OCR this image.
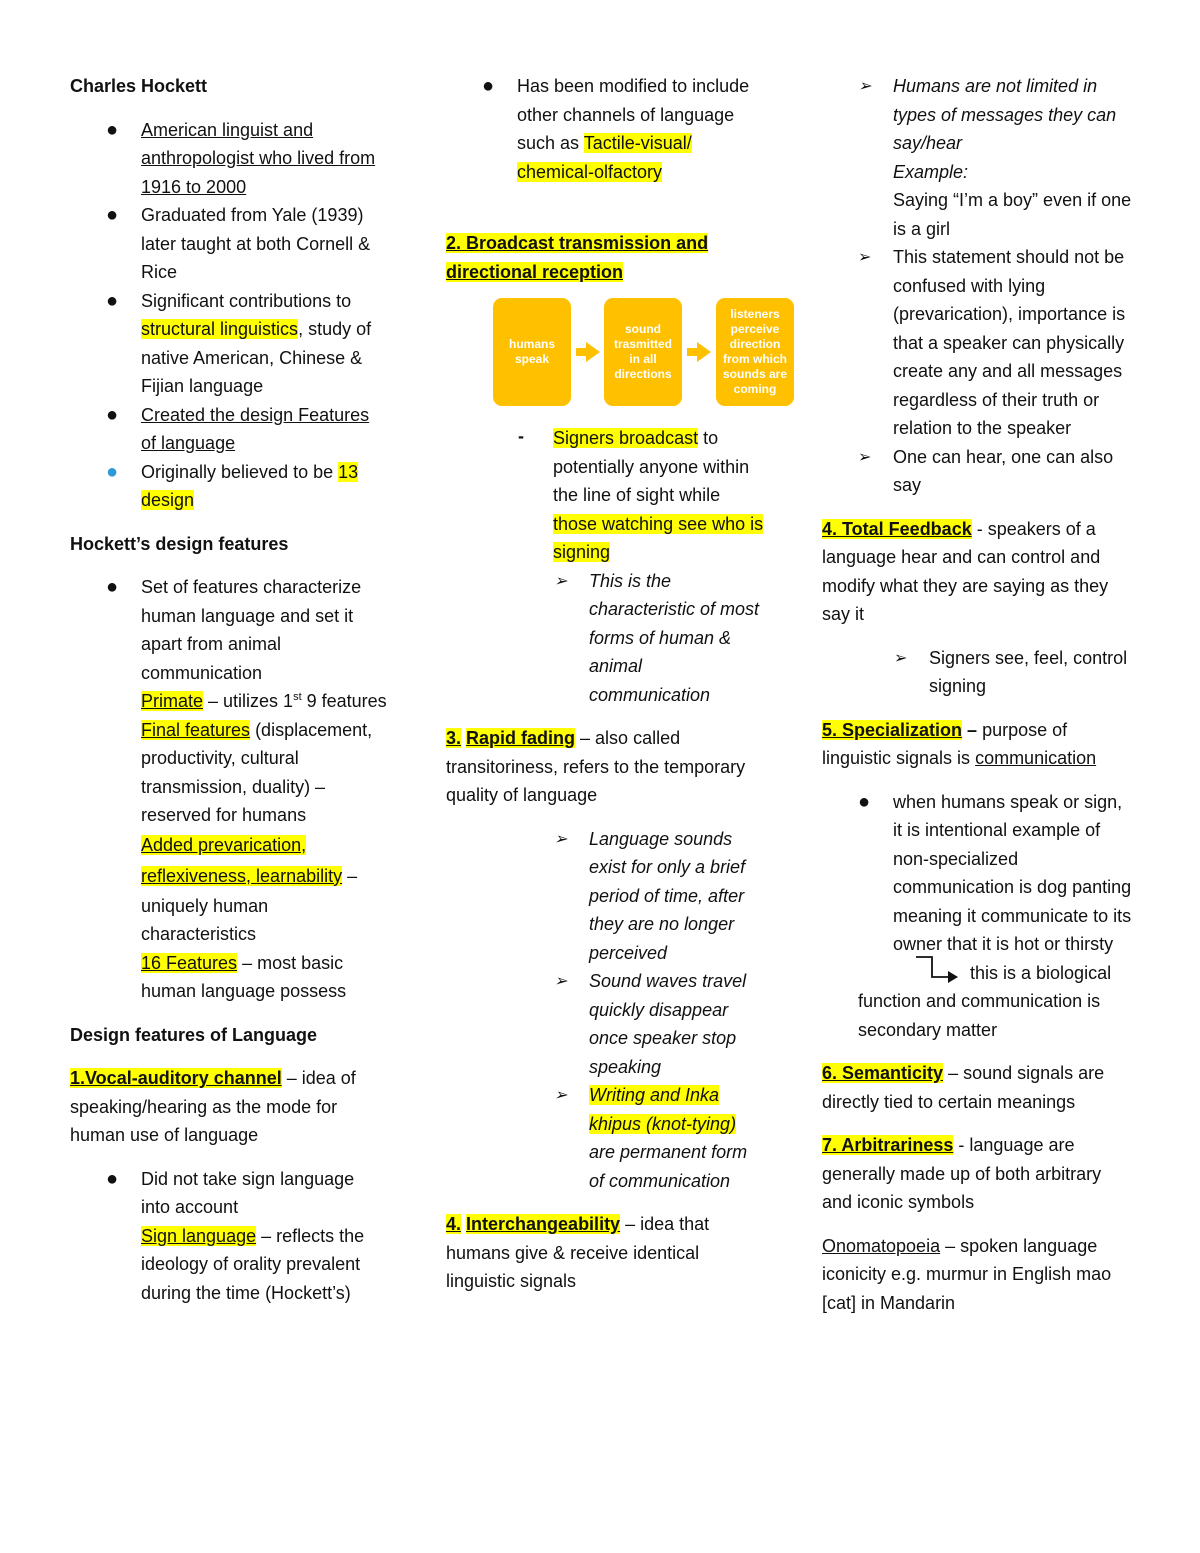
Charles Hockett

● American linguist and anthropologist who lived from 1916 to 2000

● Graduated from Yale (1939) later taught at both Cornell & Rice

● Significant contributions to structural linguistics, study of native American, Chinese & Fijian language

● Created the design Features of language

● Originally believed to be 13 design

Hockett’s design features

● Set of features characterize human language and set it apart from animal communication
Primate – utilizes 1st 9 features
Final features (displacement, productivity, cultural transmission, duality) – reserved for humans
Added prevarication, reflexiveness, learnability – uniquely human characteristics
16 Features – most basic human language possess

Design features of Language

1.Vocal-auditory channel – idea of speaking/hearing as the mode for human use of language

● Did not take sign language into account
Sign language – reflects the ideology of orality prevalent during the time (Hockett’s)

● Has been modified to include other channels of language such as Tactile-visual/ chemical-olfactory

2. Broadcast transmission and directional reception

humans speak
sound trasmitted in all directions
listeners perceive direction from which sounds are coming

- Signers broadcast to potentially anyone within the line of sight while those watching see who is signing

➢ This is the characteristic of most forms of human & animal communication

3. Rapid fading – also called transitoriness, refers to the temporary quality of language

➢ Language sounds exist for only a brief period of time, after they are no longer perceived

➢ Sound waves travel quickly disappear once speaker stop speaking

➢ Writing and Inka khipus (knot-tying) are permanent form of communication

4. Interchangeability – idea that humans give & receive identical linguistic signals

➢ Humans are not limited in types of messages they can say/hear
Example:
Saying “I’m a boy” even if one is a girl

➢ This statement should not be confused with lying (prevarication), importance is that a speaker can physically create any and all messages regardless of their truth or relation to the speaker

➢ One can hear, one can also say

4. Total Feedback - speakers of a language hear and can control and modify what they are saying as they say it

➢ Signers see, feel, control signing

5. Specialization – purpose of linguistic signals is communication

● when humans speak or sign, it is intentional example of non-specialized communication is dog panting meaning it communicate to its owner that it is hot or thirsty

this is a biological
function and communication is secondary matter

6. Semanticity – sound signals are directly tied to certain meanings

7. Arbitrariness - language are generally made up of both arbitrary and iconic symbols

Onomatopoeia – spoken language iconicity e.g. murmur in English mao [cat] in Mandarin
